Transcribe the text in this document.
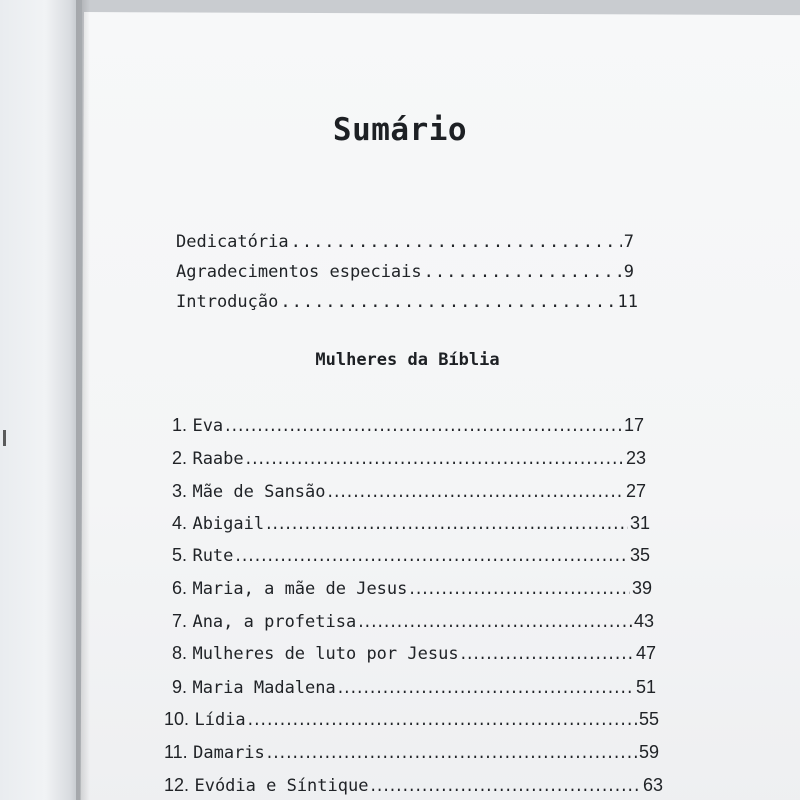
Sumário
Dedicatória .....	7
Agradecimentos especiais .....	9
Introdução .....	11
Mulheres da Bíblia
1.
Eva .....	17
2.
Raabe .....	23
3.
Mãe de Sansão .....	27
4.
Abigail .....	31
5.
Rute .....	35
6.
Maria, a mãe de Jesus .....	39
7.
Ana, a profetisa .....	43
8.
Mulheres de luto por Jesus .....	47
9.
Maria Madalena .....	51
10.
Lídia .....	55
11.
Damaris .....	59
12.
Evódia e Síntique .....	63
